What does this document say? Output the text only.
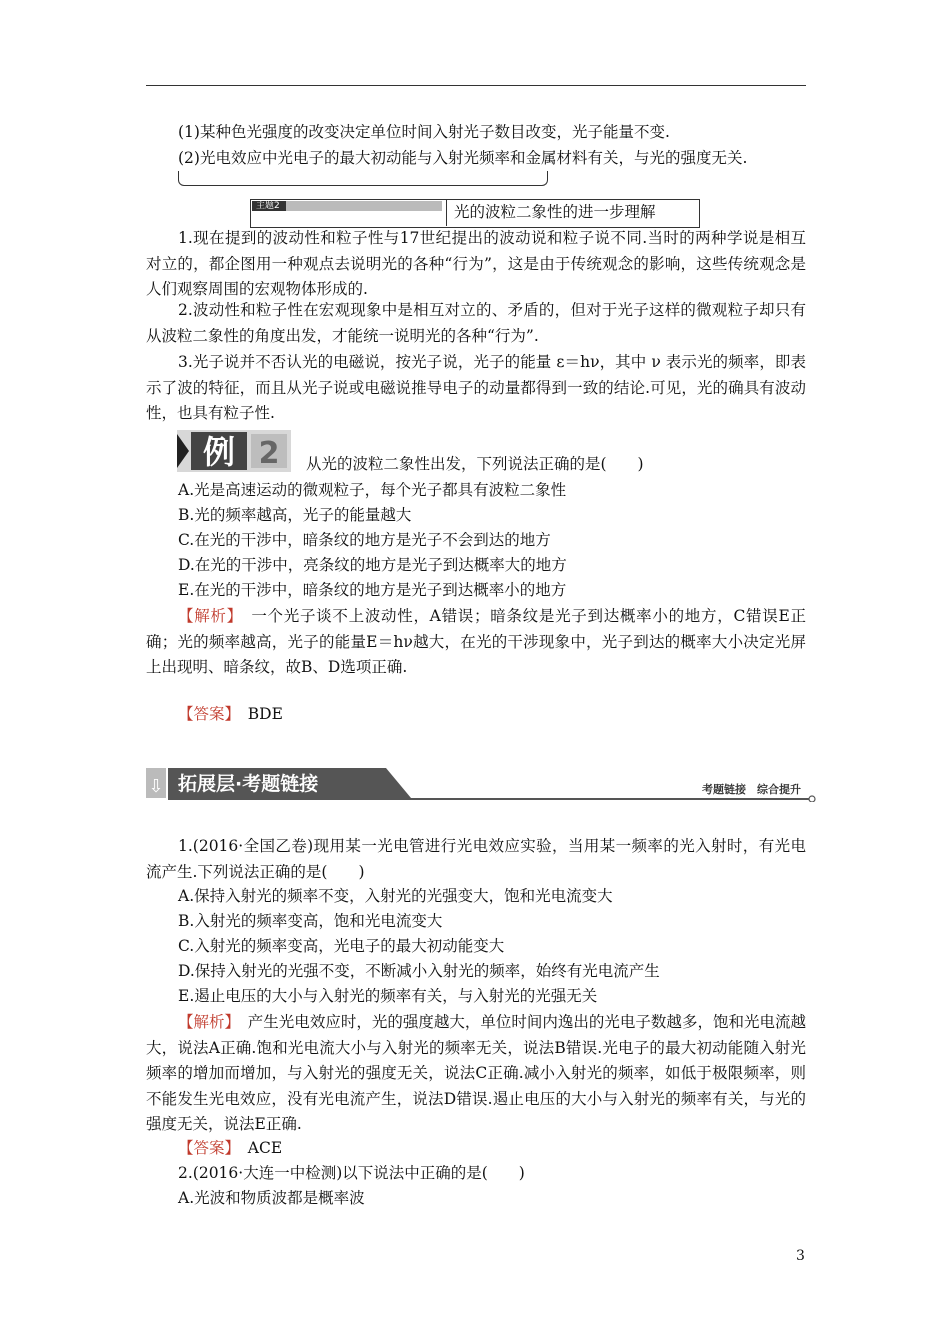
(1)某种色光强度的改变决定单位时间入射光子数目改变，光子能量不变.
(2)光电效应中光电子的最大初动能与入射光频率和金属材料有关，与光的强度无关.
主题2	光的波粒二象性的进一步理解
1.现在提到的波动性和粒子性与17世纪提出的波动说和粒子说不同.当时的两种学说是相互对立的，都企图用一种观点去说明光的各种“行为”，这是由于传统观念的影响，这些传统观念是人们观察周围的宏观物体形成的.
2.波动性和粒子性在宏观现象中是相互对立的、矛盾的，但对于光子这样的微观粒子却只有从波粒二象性的角度出发，才能统一说明光的各种“行为”.
3.光子说并不否认光的电磁说，按光子说，光子的能量 ε＝hν，其中 ν 表示光的频率，即表示了波的特征，而且从光子说或电磁说推导电子的动量都得到一致的结论.可见，光的确具有波动性，也具有粒子性.
例 2 从光的波粒二象性出发，下列说法正确的是(　　)
A.光是高速运动的微观粒子，每个光子都具有波粒二象性
B.光的频率越高，光子的能量越大
C.在光的干涉中，暗条纹的地方是光子不会到达的地方
D.在光的干涉中，亮条纹的地方是光子到达概率大的地方
E.在光的干涉中，暗条纹的地方是光子到达概率小的地方
【解析】　 一个光子谈不上波动性，A错误；暗条纹是光子到达概率小的地方，C错误E正确；光的频率越高，光子的能量E＝hν越大，在光的干涉现象中，光子到达的概率大小决定光屏上出现明、暗条纹，故B、D选项正确.
【答案】　 BDE
⇩ 拓展层·考题链接	考题链接　综合提升
1.(2016·全国乙卷)现用某一光电管进行光电效应实验，当用某一频率的光入射时，有光电流产生.下列说法正确的是(　　)
A.保持入射光的频率不变，入射光的光强变大，饱和光电流变大
B.入射光的频率变高，饱和光电流变大
C.入射光的频率变高，光电子的最大初动能变大
D.保持入射光的光强不变，不断减小入射光的频率，始终有光电流产生
E.遏止电压的大小与入射光的频率有关，与入射光的光强无关
【解析】　 产生光电效应时，光的强度越大，单位时间内逸出的光电子数越多，饱和光电流越大，说法A正确.饱和光电流大小与入射光的频率无关，说法B错误.光电子的最大初动能随入射光频率的增加而增加，与入射光的强度无关，说法C正确.减小入射光的频率，如低于极限频率，则不能发生光电效应，没有光电流产生，说法D错误.遏止电压的大小与入射光的频率有关，与光的强度无关，说法E正确.
【答案】　 ACE
2.(2016·大连一中检测)以下说法中正确的是(　　)
A.光波和物质波都是概率波
3
